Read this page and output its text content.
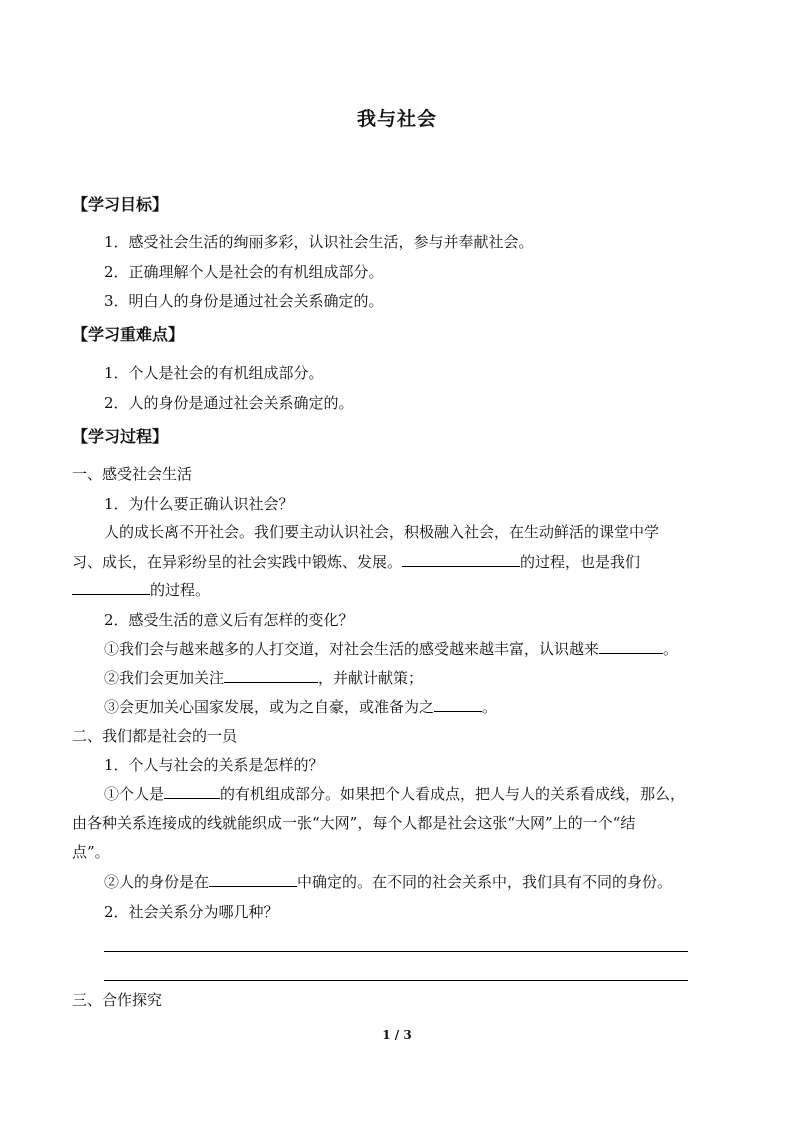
我与社会
【学习目标】
1．感受社会生活的绚丽多彩，认识社会生活，参与并奉献社会。
2．正确理解个人是社会的有机组成部分。
3．明白人的身份是通过社会关系确定的。
【学习重难点】
1．个人是社会的有机组成部分。
2．人的身份是通过社会关系确定的。
【学习过程】
一、感受社会生活
1．为什么要正确认识社会？
人的成长离不开社会。我们要主动认识社会，积极融入社会，在生动鲜活的课堂中学
习、成长，在异彩纷呈的社会实践中锻炼、发展。	的过程，也是我们
的过程。
2．感受生活的意义后有怎样的变化？
①我们会与越来越多的人打交道，对社会生活的感受越来越丰富，认识越来	。
②我们会更加关注	，并献计献策；
③会更加关心国家发展，或为之自豪，或准备为之	。
二、我们都是社会的一员
1．个人与社会的关系是怎样的？
①个人是	的有机组成部分。如果把个人看成点，把人与人的关系看成线，那么，
由各种关系连接成的线就能织成一张“大网”，每个人都是社会这张“大网”上的一个“结
点”。
②人的身份是在	中确定的。在不同的社会关系中，我们具有不同的身份。
2．社会关系分为哪几种？
三、合作探究
1 / 3
